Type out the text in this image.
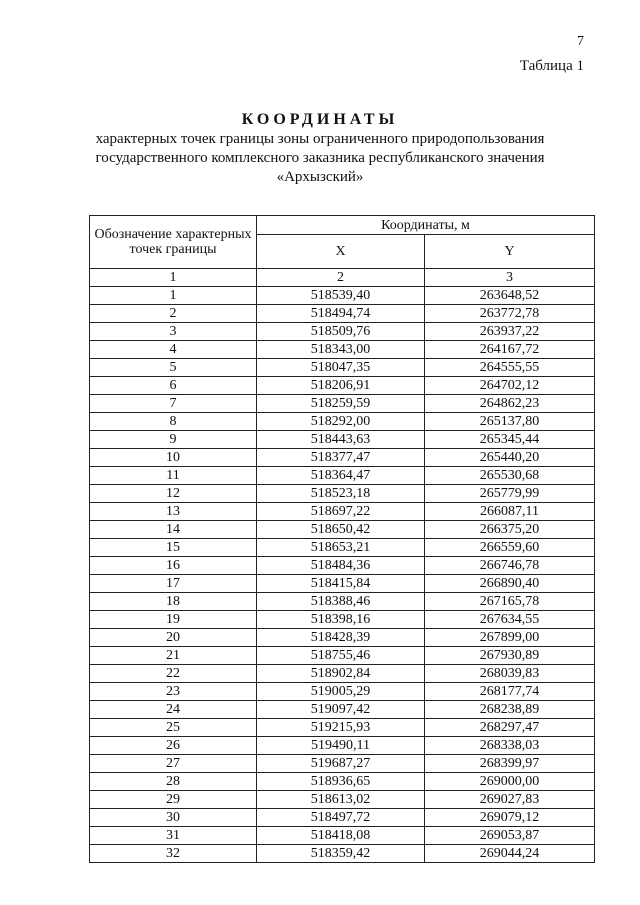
7
Таблица 1
КООРДИНАТЫ
характерных точек границы зоны ограниченного природопользования
государственного комплексного заказника республиканского значения
«Архызский»
Обозначение характерных точек границы	Координаты, м	
	X	Y
1	2	3
1	518539,40	263648,52
2	518494,74	263772,78
3	518509,76	263937,22
4	518343,00	264167,72
5	518047,35	264555,55
6	518206,91	264702,12
7	518259,59	264862,23
8	518292,00	265137,80
9	518443,63	265345,44
10	518377,47	265440,20
11	518364,47	265530,68
12	518523,18	265779,99
13	518697,22	266087,11
14	518650,42	266375,20
15	518653,21	266559,60
16	518484,36	266746,78
17	518415,84	266890,40
18	518388,46	267165,78
19	518398,16	267634,55
20	518428,39	267899,00
21	518755,46	267930,89
22	518902,84	268039,83
23	519005,29	268177,74
24	519097,42	268238,89
25	519215,93	268297,47
26	519490,11	268338,03
27	519687,27	268399,97
28	518936,65	269000,00
29	518613,02	269027,83
30	518497,72	269079,12
31	518418,08	269053,87
32	518359,42	269044,24
